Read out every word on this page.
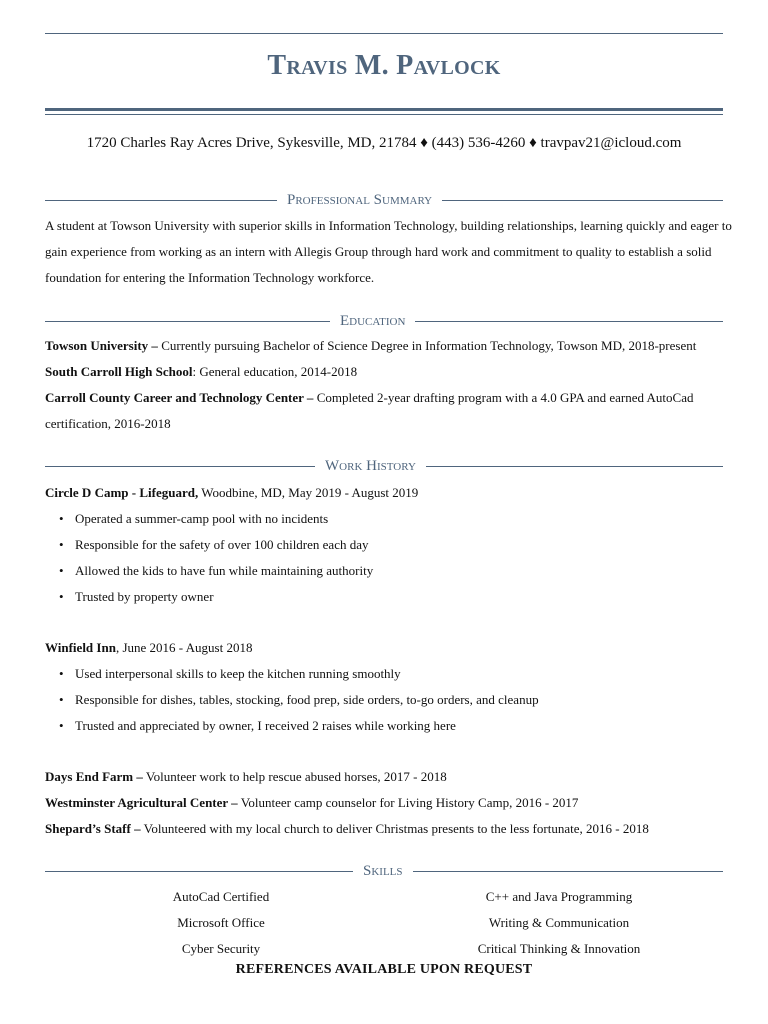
Travis M. Pavlock
1720 Charles Ray Acres Drive, Sykesville, MD, 21784 ♦ (443) 536-4260 ♦ travpav21@icloud.com
Professional Summary
A student at Towson University with superior skills in Information Technology, building relationships, learning quickly and eager to
gain experience from working as an intern with Allegis Group through hard work and commitment to quality to establish a solid
foundation for entering the Information Technology workforce.
Education
Towson University – Currently pursuing Bachelor of Science Degree in Information Technology, Towson MD, 2018-present
South Carroll High School: General education, 2014-2018
Carroll County Career and Technology Center – Completed 2-year drafting program with a 4.0 GPA and earned AutoCad
certification, 2016-2018
Work History
Circle D Camp - Lifeguard, Woodbine, MD, May 2019 - August 2019
• Operated a summer-camp pool with no incidents
• Responsible for the safety of over 100 children each day
• Allowed the kids to have fun while maintaining authority
• Trusted by property owner
Winfield Inn, June 2016 - August 2018
• Used interpersonal skills to keep the kitchen running smoothly
• Responsible for dishes, tables, stocking, food prep, side orders, to-go orders, and cleanup
• Trusted and appreciated by owner, I received 2 raises while working here
Days End Farm – Volunteer work to help rescue abused horses, 2017 - 2018
Westminster Agricultural Center – Volunteer camp counselor for Living History Camp, 2016 - 2017
Shepard’s Staff – Volunteered with my local church to deliver Christmas presents to the less fortunate, 2016 - 2018
Skills
AutoCad Certified
Microsoft Office
Cyber Security
C++ and Java Programming
Writing & Communication
Critical Thinking & Innovation
REFERENCES AVAILABLE UPON REQUEST
